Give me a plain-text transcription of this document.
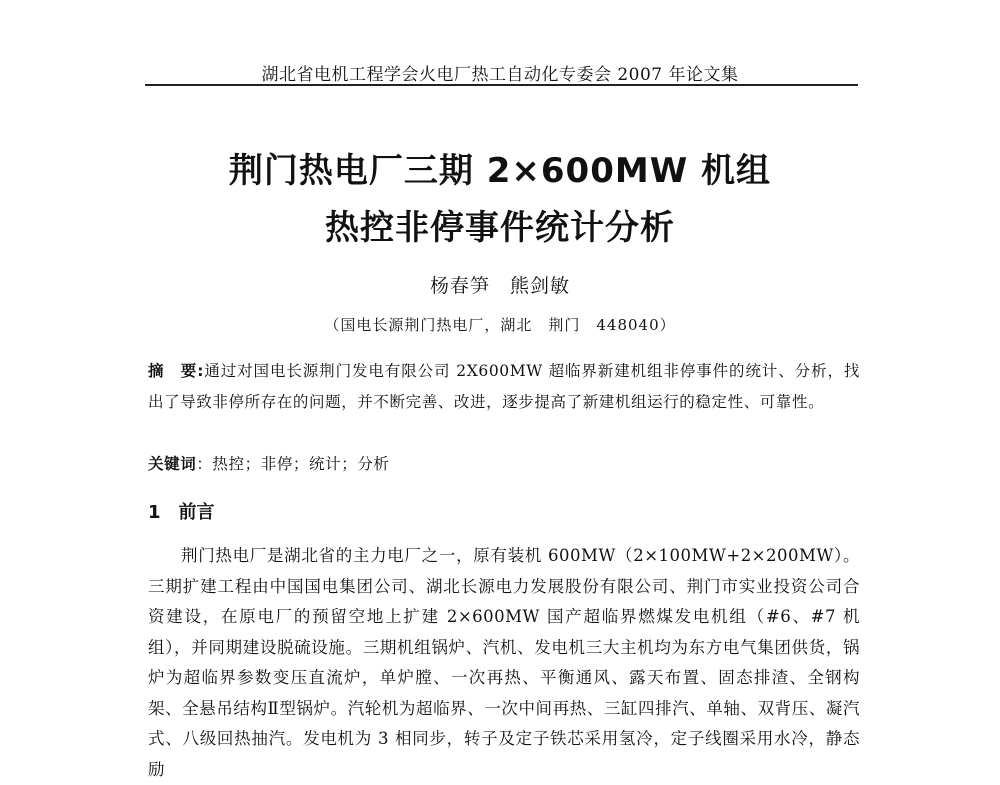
湖北省电机工程学会火电厂热工自动化专委会 2007 年论文集
荆门热电厂三期 2×600MW 机组
热控非停事件统计分析
杨春笋　熊剑敏
（国电长源荆门热电厂，湖北　荆门　448040）
摘　要:通过对国电长源荆门发电有限公司 2X600MW 超临界新建机组非停事件的统计、分析，找出了导致非停所存在的问题，并不断完善、改进，逐步提高了新建机组运行的稳定性、可靠性。
关键词：热控；非停；统计；分析
1 前言
荆门热电厂是湖北省的主力电厂之一，原有装机 600MW（2×100MW+2×200MW）。三期扩建工程由中国国电集团公司、湖北长源电力发展股份有限公司、荆门市实业投资公司合资建设，在原电厂的预留空地上扩建 2×600MW 国产超临界燃煤发电机组（#6、#7 机组），并同期建设脱硫设施。三期机组锅炉、汽机、发电机三大主机均为东方电气集团供货，锅炉为超临界参数变压直流炉，单炉膛、一次再热、平衡通风、露天布置、固态排渣、全钢构架、全悬吊结构Ⅱ型锅炉。汽轮机为超临界、一次中间再热、三缸四排汽、单轴、双背压、凝汽式、八级回热抽汽。发电机为 3 相同步，转子及定子铁芯采用氢冷，定子线圈采用水冷，静态励
